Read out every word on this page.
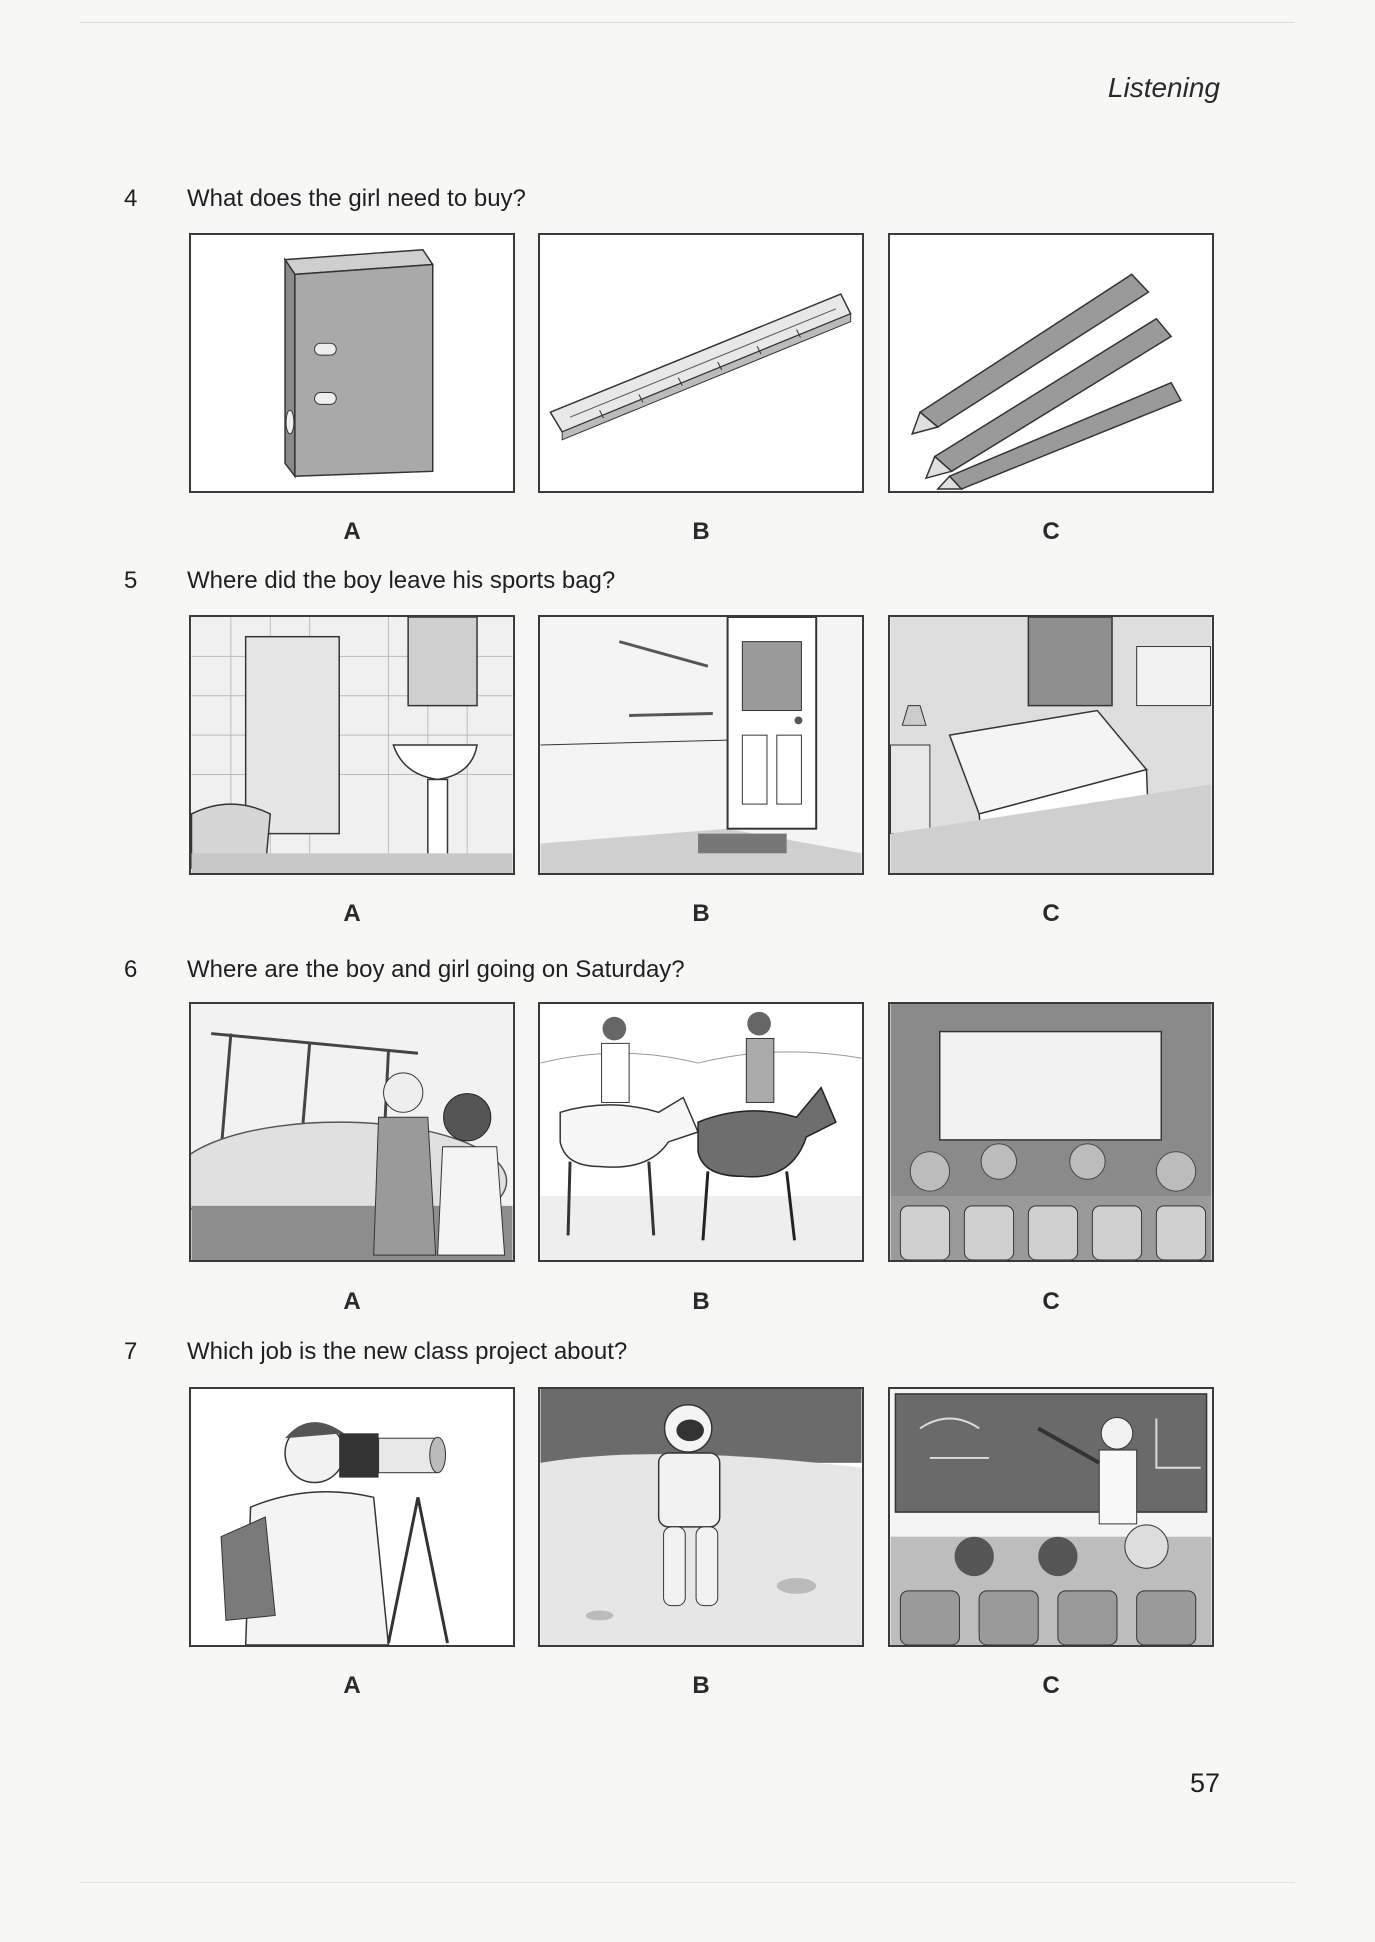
Listening
4 What does the girl need to buy?
A	B	C
5 Where did the boy leave his sports bag?
A	B	C
6 Where are the boy and girl going on Saturday?
A	B	C
7 Which job is the new class project about?
A	B	C
57
